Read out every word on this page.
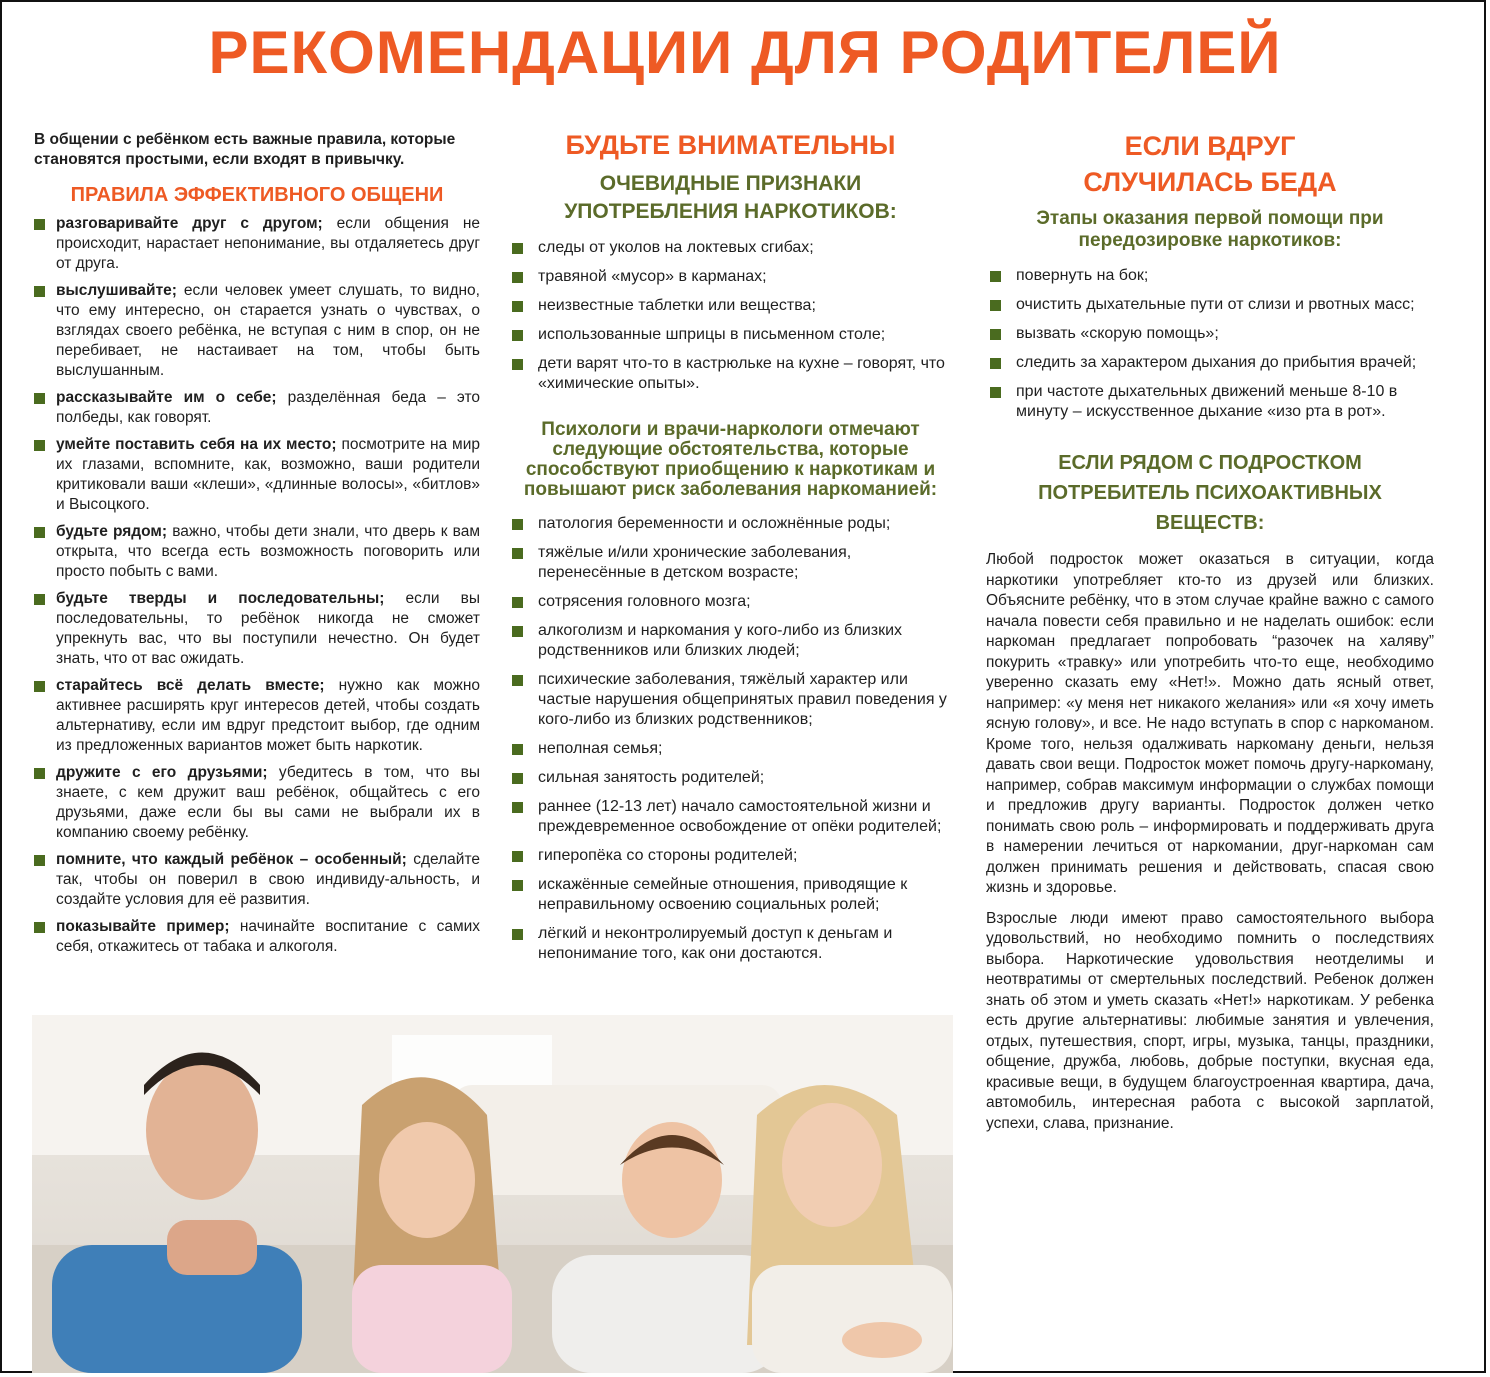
РЕКОМЕНДАЦИИ ДЛЯ РОДИТЕЛЕЙ

В общении с ребёнком есть важные правила, которые становятся простыми, если входят в привычку.

ПРАВИЛА ЭФФЕКТИВНОГО ОБЩЕНИ
разговаривайте друг с другом; если общения не происходит, нарастает непонимание, вы отдаляетесь друг от друга.
выслушивайте; если человек умеет слушать, то видно, что ему интересно, он старается узнать о чувствах, о взглядах своего ребёнка, не вступая с ним в спор, он не перебивает, не настаивает на том, чтобы быть выслушанным.
рассказывайте им о себе; разделённая беда – это полбеды, как говорят.
умейте поставить себя на их место; посмотрите на мир их глазами, вспомните, как, возможно, ваши родители критиковали ваши «клеши», «длинные волосы», «битлов» и Высоцкого.
будьте рядом; важно, чтобы дети знали, что дверь к вам открыта, что всегда есть возможность поговорить или просто побыть с вами.
будьте тверды и последовательны; если вы последовательны, то ребёнок никогда не сможет упрекнуть вас, что вы поступили нечестно. Он будет знать, что от вас ожидать.
старайтесь всё делать вместе; нужно как можно активнее расширять круг интересов детей, чтобы создать альтернативу, если им вдруг предстоит выбор, где одним из предложенных вариантов может быть наркотик.
дружите с его друзьями; убедитесь в том, что вы знаете, с кем дружит ваш ребёнок, общайтесь с его друзьями, даже если бы вы сами не выбрали их в компанию своему ребёнку.
помните, что каждый ребёнок – особенный; сделайте так, чтобы он поверил в свою индивиду-альность, и создайте условия для её развития.
показывайте пример; начинайте воспитание с самих себя, откажитесь от табака и алкоголя.
БУДЬТЕ ВНИМАТЕЛЬНЫ
ОЧЕВИДНЫЕ ПРИЗНАКИ УПОТРЕБЛЕНИЯ НАРКОТИКОВ:
следы от уколов на локтевых сгибах;
травяной «мусор» в карманах;
неизвестные таблетки или вещества;
использованные шприцы в письменном столе;
дети варят что-то в кастрюльке на кухне – говорят, что «химические опыты».
Психологи и врачи-наркологи отмечают следующие обстоятельства, которые способствуют приобщению к наркотикам и повышают риск заболевания наркоманией:
патология беременности и осложнённые роды;
тяжёлые и/или хронические заболевания, перенесённые в детском возрасте;
сотрясения головного мозга;
алкоголизм и наркомания у кого-либо из близких родственников или близких людей;
психические заболевания, тяжёлый характер или частые нарушения общепринятых правил поведения у кого-либо из близких родственников;
неполная семья;
сильная занятость родителей;
раннее (12-13 лет) начало самостоятельной жизни и преждевременное освобождение от опёки родителей;
гиперопёка со стороны родителей;
искажённые семейные отношения, приводящие к неправильному освоению социальных ролей;
лёгкий и неконтролируемый доступ к деньгам и непонимание того, как они достаются.
ЕСЛИ ВДРУГ СЛУЧИЛАСЬ БЕДА
Этапы оказания первой помощи при передозировке наркотиков:
повернуть на бок;
очистить дыхательные пути от слизи и рвотных масс;
вызвать «скорую помощь»;
следить за характером дыхания до прибытия врачей;
при частоте дыхательных движений меньше 8-10 в минуту – искусственное дыхание «изо рта в рот».
ЕСЛИ РЯДОМ С ПОДРОСТКОМ ПОТРЕБИТЕЛЬ ПСИХОАКТИВНЫХ ВЕЩЕСТВ:

Любой подросток может оказаться в ситуации, когда наркотики употребляет кто-то из друзей или близких. Объясните ребёнку, что в этом случае крайне важно с самого начала повести себя правильно и не наделать ошибок: если наркоман предлагает попробовать “разочек на халяву” покурить «травку» или употребить что-то еще, необходимо уверенно сказать ему «Нет!». Можно дать ясный ответ, например: «у меня нет никакого желания» или «я хочу иметь ясную голову», и все. Не надо вступать в спор с наркоманом. Кроме того, нельзя одалживать наркоману деньги, нельзя давать свои вещи. Подросток может помочь другу-наркоману, например, собрав максимум информации о службах помощи и предложив другу варианты. Подросток должен четко понимать свою роль – информировать и поддерживать друга в намерении лечиться от наркомании, друг-наркоман сам должен принимать решения и действовать, спасая свою жизнь и здоровье.

Взрослые люди имеют право самостоятельного выбора удовольствий, но необходимо помнить о последствиях выбора. Наркотические удовольствия неотделимы и неотвратимы от смертельных последствий. Ребенок должен знать об этом и уметь сказать «Нет!» наркотикам. У ребенка есть другие альтернативы: любимые занятия и увлечения, отдых, путешествия, спорт, игры, музыка, танцы, праздники, общение, дружба, любовь, добрые поступки, вкусная еда, красивые вещи, в будущем благоустроенная квартира, дача, автомобиль, интересная работа с высокой зарплатой, успехи, слава, признание.
